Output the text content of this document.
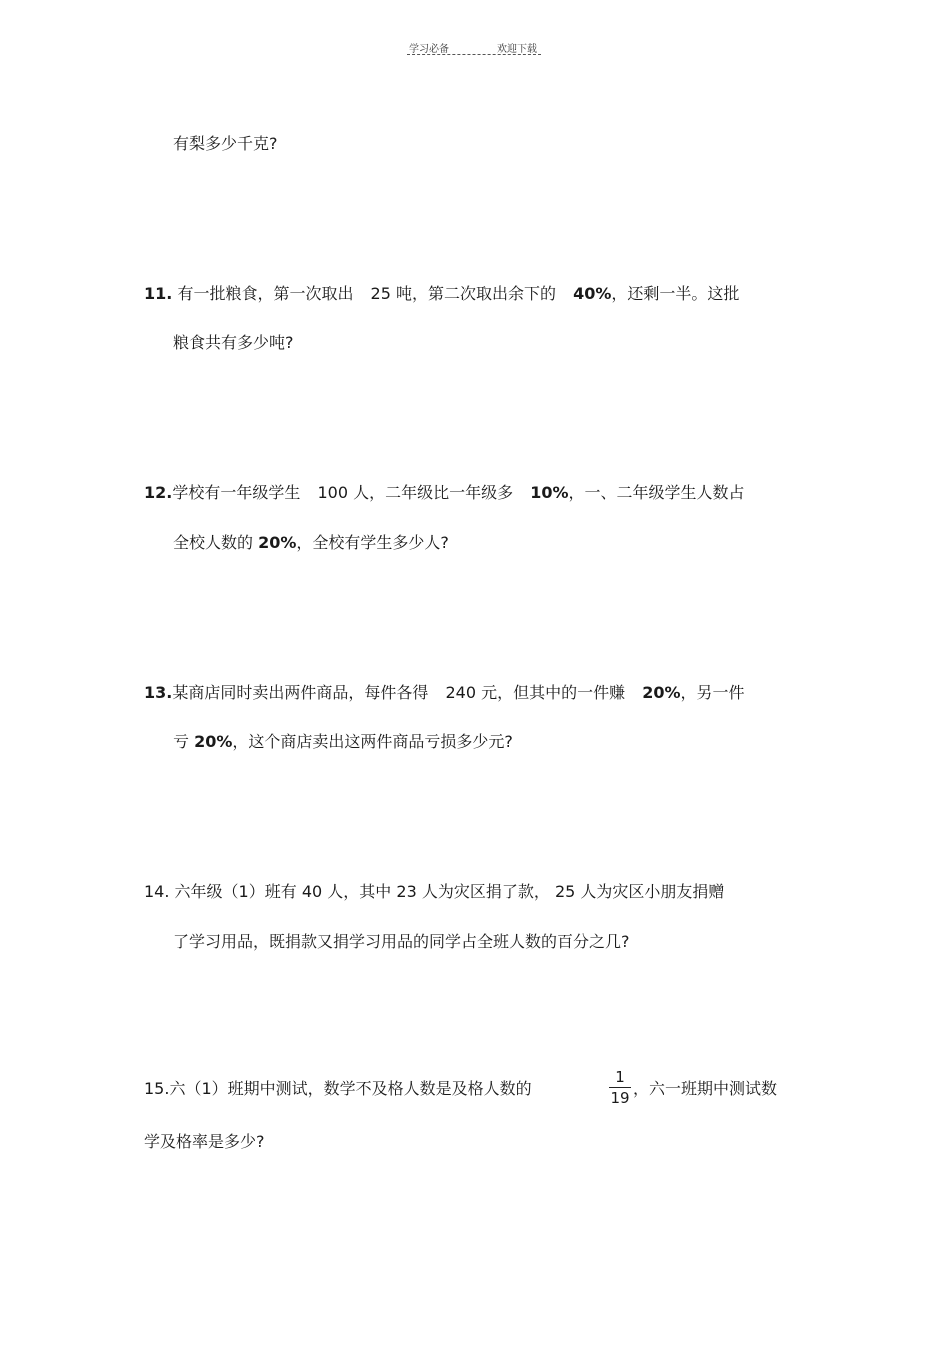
学习必备	欢迎下载
有梨多少千克?
11. 有一批粮食，第一次取出 25 吨，第二次取出余下的 40%，还剩一半。这批
粮食共有多少吨?
12.学校有一年级学生 100 人，二年级比一年级多 10%，一、二年级学生人数占
全校人数的 20%，全校有学生多少人?
13.某商店同时卖出两件商品，每件各得 240 元，但其中的一件赚 20%，另一件
亏 20%，这个商店卖出这两件商品亏损多少元?
14. 六年级（1）班有 40 人，其中 23 人为灾区捐了款， 25 人为灾区小朋友捐赠
了学习用品，既捐款又捐学习用品的同学占全班人数的百分之几?
15.六（1）班期中测试，数学不及格人数是及格人数的
1
19 ，六一班期中测试数
学及格率是多少?
